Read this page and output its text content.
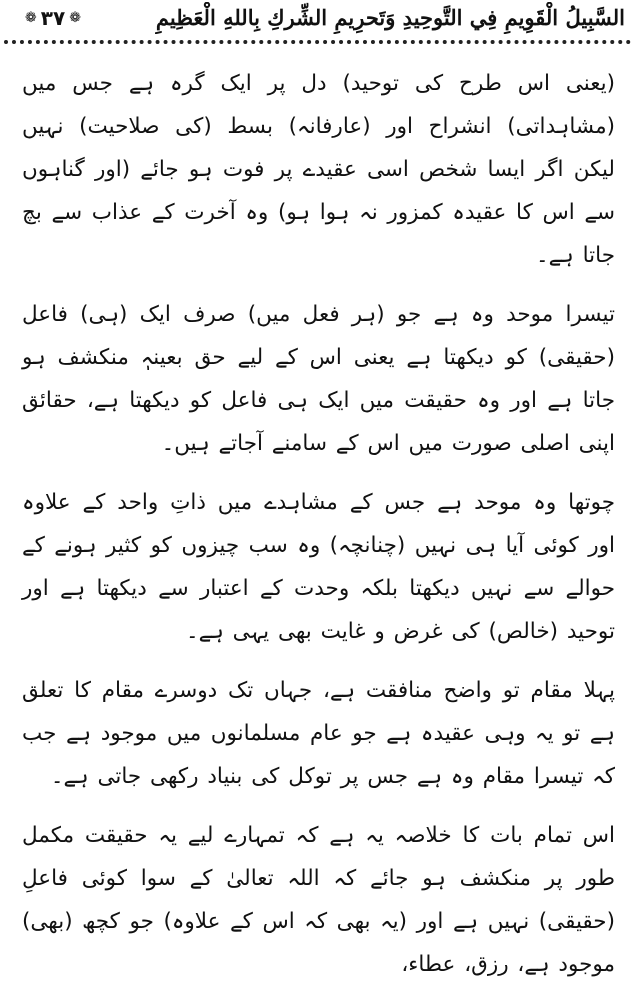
❁ ٣٧ ❁	السَّبِيلُ الْقَوِيمِ فِي التَّوحِيدِ وَتَحرِيمِ الشِّركِ بِاللهِ الْعَظِيمِ

(یعنی اس طرح کی توحید) دل پر ایک گرہ ہے جس میں (مشاہداتی) انشراح اور (عارفانہ) بسط (کی صلاحیت) نہیں لیکن اگر ایسا شخص اسی عقیدے پر فوت ہو جائے (اور گناہوں سے اس کا عقیدہ کمزور نہ ہوا ہو) وہ آخرت کے عذاب سے بچ جاتا ہے۔

تیسرا موحد وہ ہے جو (ہر فعل میں) صرف ایک (ہی) فاعل (حقیقی) کو دیکھتا ہے یعنی اس کے لیے حق بعینہٖ منکشف ہو جاتا ہے اور وہ حقیقت میں ایک ہی فاعل کو دیکھتا ہے، حقائق اپنی اصلی صورت میں اس کے سامنے آجاتے ہیں۔

چوتھا وہ موحد ہے جس کے مشاہدے میں ذاتِ واحد کے علاوہ اور کوئی آیا ہی نہیں (چنانچہ) وہ سب چیزوں کو کثیر ہونے کے حوالے سے نہیں دیکھتا بلکہ وحدت کے اعتبار سے دیکھتا ہے اور توحید (خالص) کی غرض و غایت بھی یہی ہے۔

پہلا مقام تو واضح منافقت ہے، جہاں تک دوسرے مقام کا تعلق ہے تو یہ وہی عقیدہ ہے جو عام مسلمانوں میں موجود ہے جب کہ تیسرا مقام وہ ہے جس پر توکل کی بنیاد رکھی جاتی ہے۔

اس تمام بات کا خلاصہ یہ ہے کہ تمہارے لیے یہ حقیقت مکمل طور پر منکشف ہو جائے کہ اللہ تعالیٰ کے سوا کوئی فاعلِ (حقیقی) نہیں ہے اور (یہ بھی کہ اس کے علاوہ) جو کچھ (بھی) موجود ہے، رزق، عطاء،
